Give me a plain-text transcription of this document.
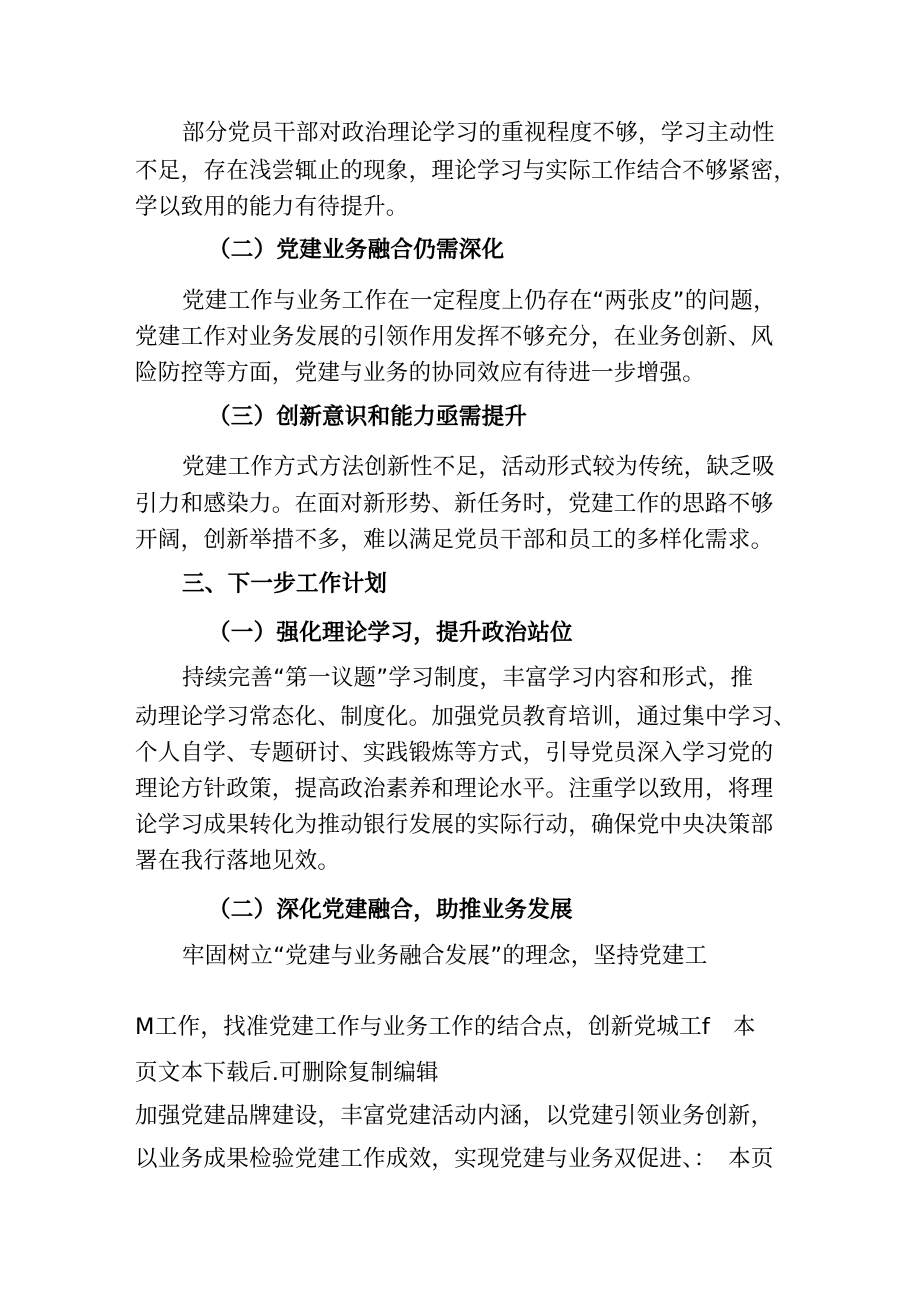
部分党员干部对政治理论学习的重视程度不够，学习主动性
不足，存在浅尝辄止的现象，理论学习与实际工作结合不够紧密，
学以致用的能力有待提升。
（二）党建业务融合仍需深化
党建工作与业务工作在一定程度上仍存在“两张皮”的问题，
党建工作对业务发展的引领作用发挥不够充分，在业务创新、风
险防控等方面，党建与业务的协同效应有待进一步增强。
（三）创新意识和能力亟需提升
党建工作方式方法创新性不足，活动形式较为传统，缺乏吸
引力和感染力。在面对新形势、新任务时，党建工作的思路不够
开阔，创新举措不多，难以满足党员干部和员工的多样化需求。
三、下一步工作计划
（一）强化理论学习，提升政治站位
持续完善“第一议题”学习制度，丰富学习内容和形式，推
动理论学习常态化、制度化。加强党员教育培训，通过集中学习、
个人自学、专题研讨、实践锻炼等方式，引导党员深入学习党的
理论方针政策，提高政治素养和理论水平。注重学以致用，将理
论学习成果转化为推动银行发展的实际行动，确保党中央决策部
署在我行落地见效。
（二）深化党建融合，助推业务发展
牢固树立“党建与业务融合发展”的理念，坚持党建工
M工作，找准党建工作与业务工作的结合点，创新党城工f　本
页文本下载后.可删除复制编辑
加强党建品牌建设，丰富党建活动内涵，以党建引领业务创新，
以业务成果检验党建工作成效，实现党建与业务双促进、：　本页
